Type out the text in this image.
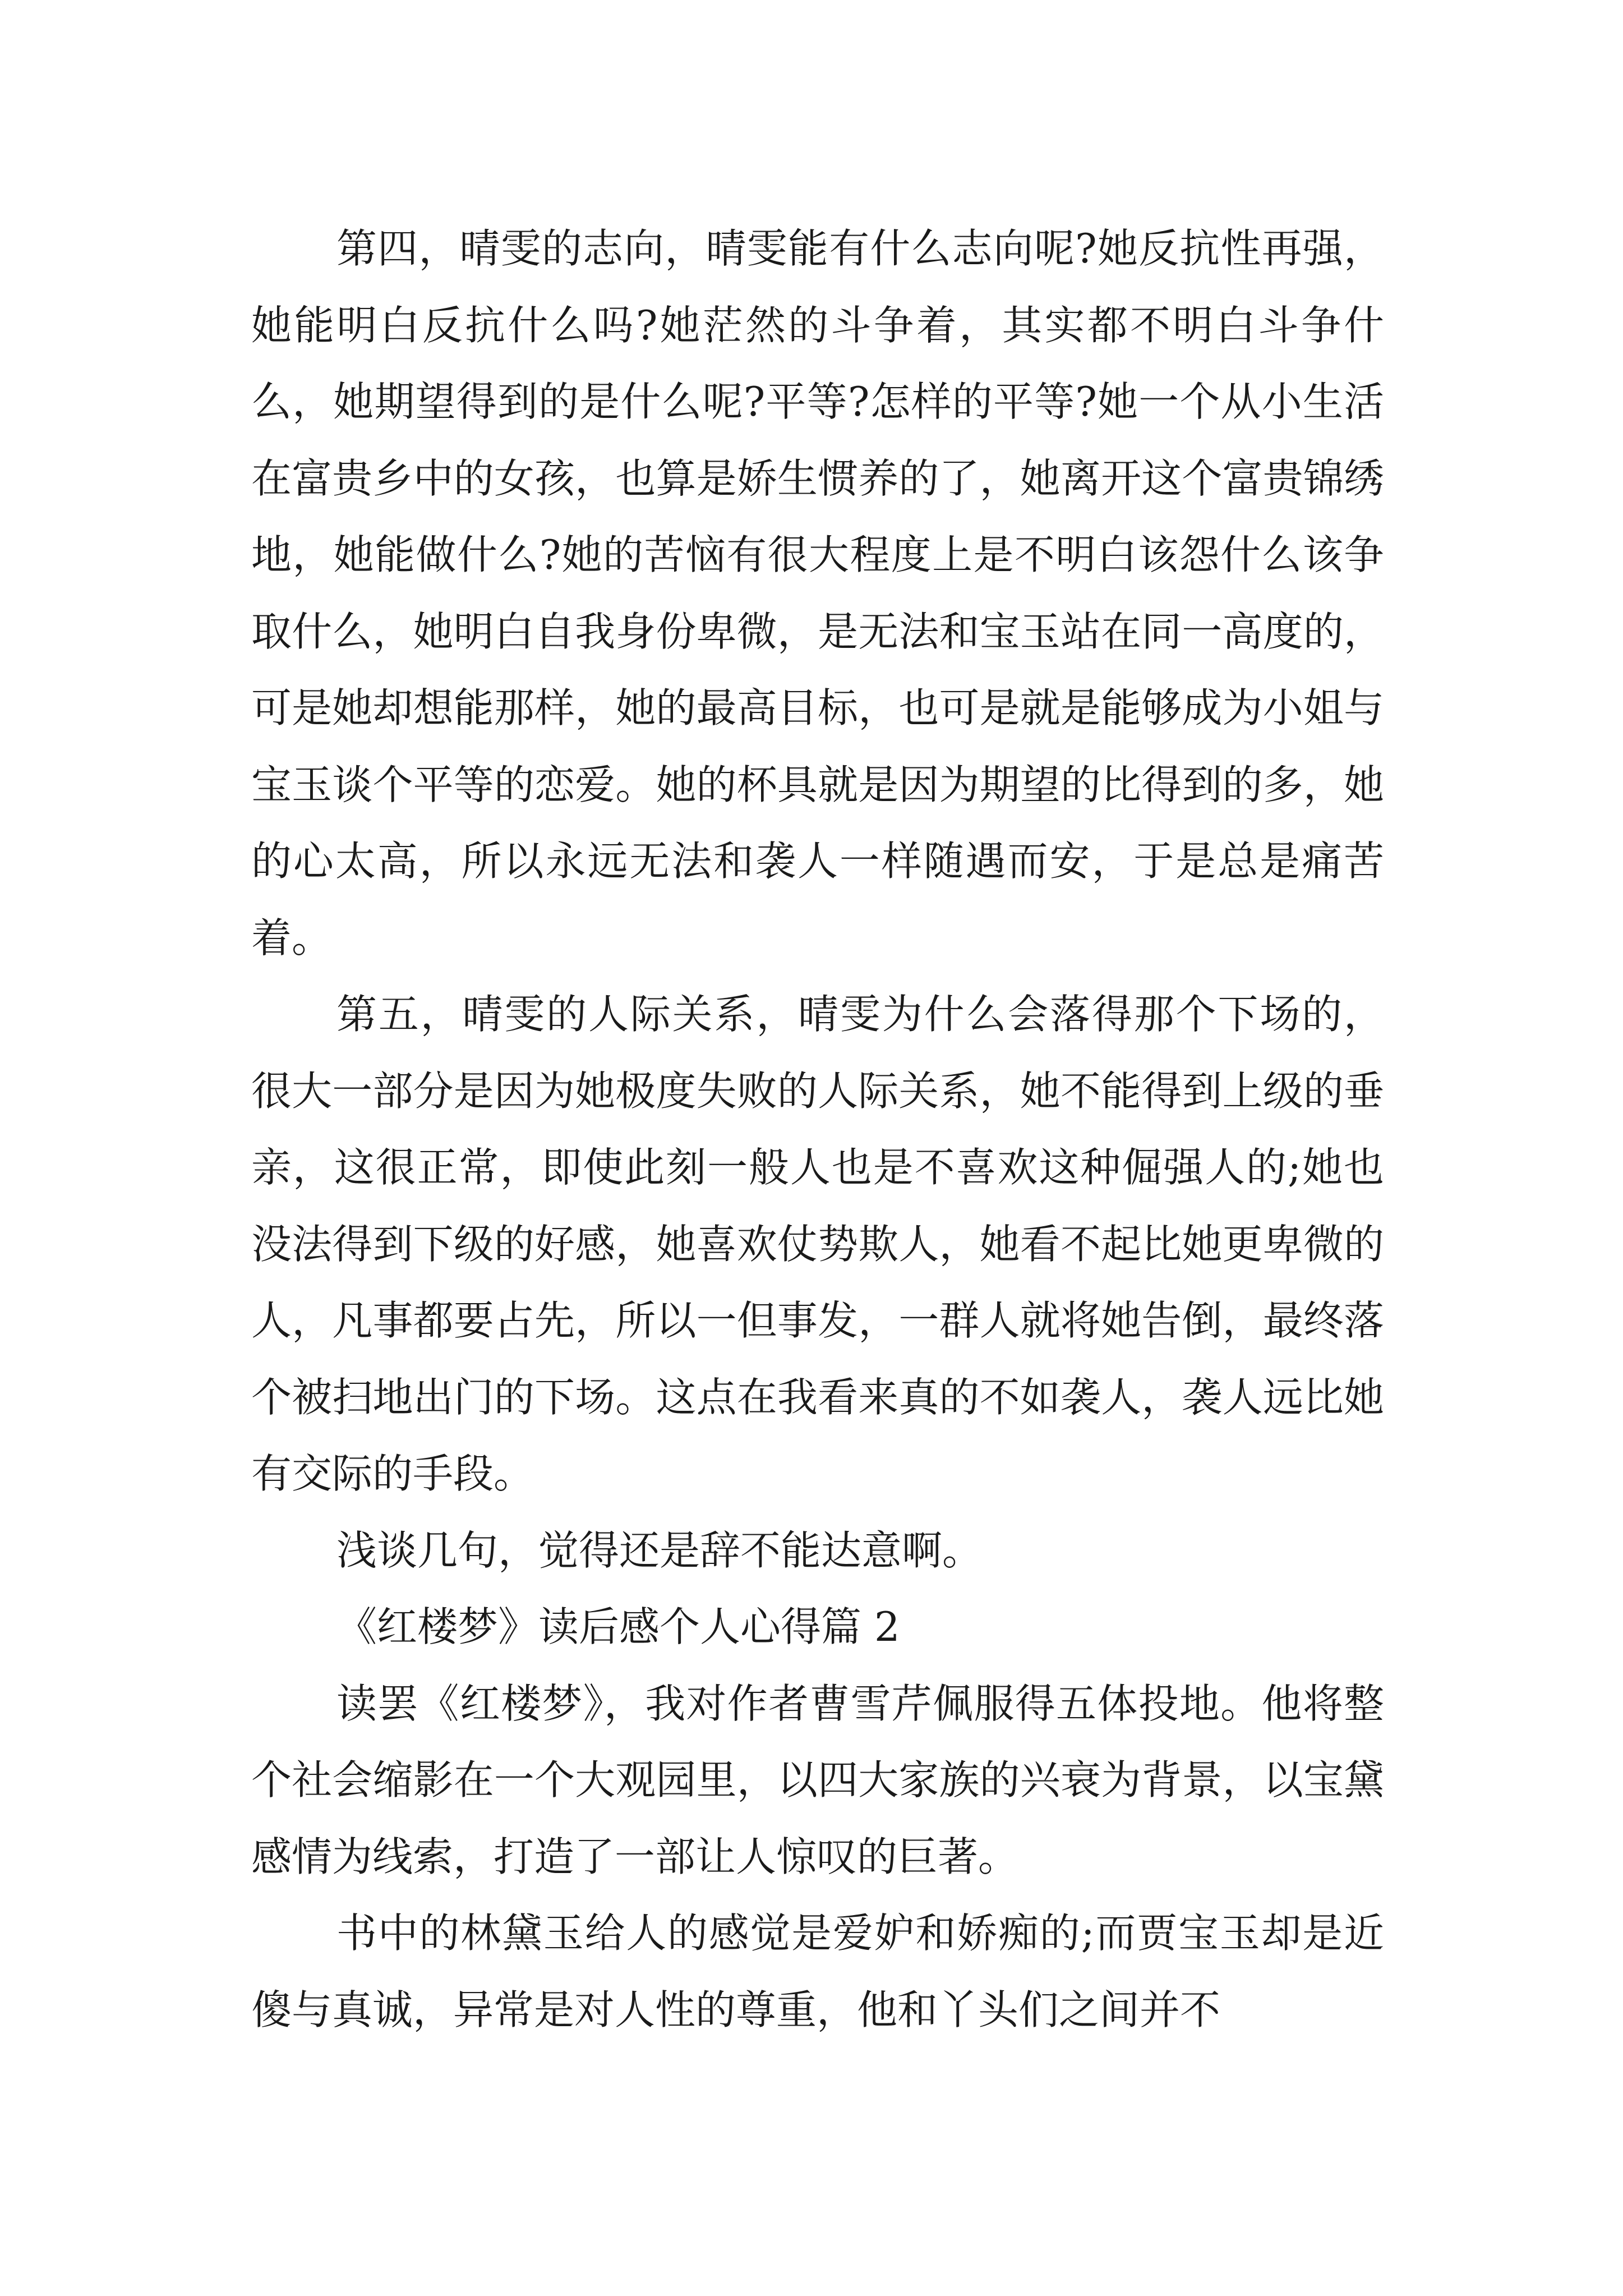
第四，晴雯的志向，晴雯能有什么志向呢?她反抗性再强，她能明白反抗什么吗?她茫然的斗争着，其实都不明白斗争什么，她期望得到的是什么呢?平等?怎样的平等?她一个从小生活在富贵乡中的女孩，也算是娇生惯养的了，她离开这个富贵锦绣地，她能做什么?她的苦恼有很大程度上是不明白该怨什么该争取什么，她明白自我身份卑微，是无法和宝玉站在同一高度的，可是她却想能那样，她的最高目标，也可是就是能够成为小姐与宝玉谈个平等的恋爱。她的杯具就是因为期望的比得到的多，她的心太高，所以永远无法和袭人一样随遇而安，于是总是痛苦着。

第五，晴雯的人际关系，晴雯为什么会落得那个下场的，很大一部分是因为她极度失败的人际关系，她不能得到上级的垂亲，这很正常，即使此刻一般人也是不喜欢这种倔强人的;她也没法得到下级的好感，她喜欢仗势欺人，她看不起比她更卑微的人，凡事都要占先，所以一但事发，一群人就将她告倒，最终落个被扫地出门的下场。这点在我看来真的不如袭人，袭人远比她有交际的手段。

浅谈几句，觉得还是辞不能达意啊。

《红楼梦》读后感个人心得篇 2

读罢《红楼梦》，我对作者曹雪芹佩服得五体投地。他将整个社会缩影在一个大观园里，以四大家族的兴衰为背景，以宝黛感情为线索，打造了一部让人惊叹的巨著。

书中的林黛玉给人的感觉是爱妒和娇痴的;而贾宝玉却是近傻与真诚，异常是对人性的尊重，他和丫头们之间并不
